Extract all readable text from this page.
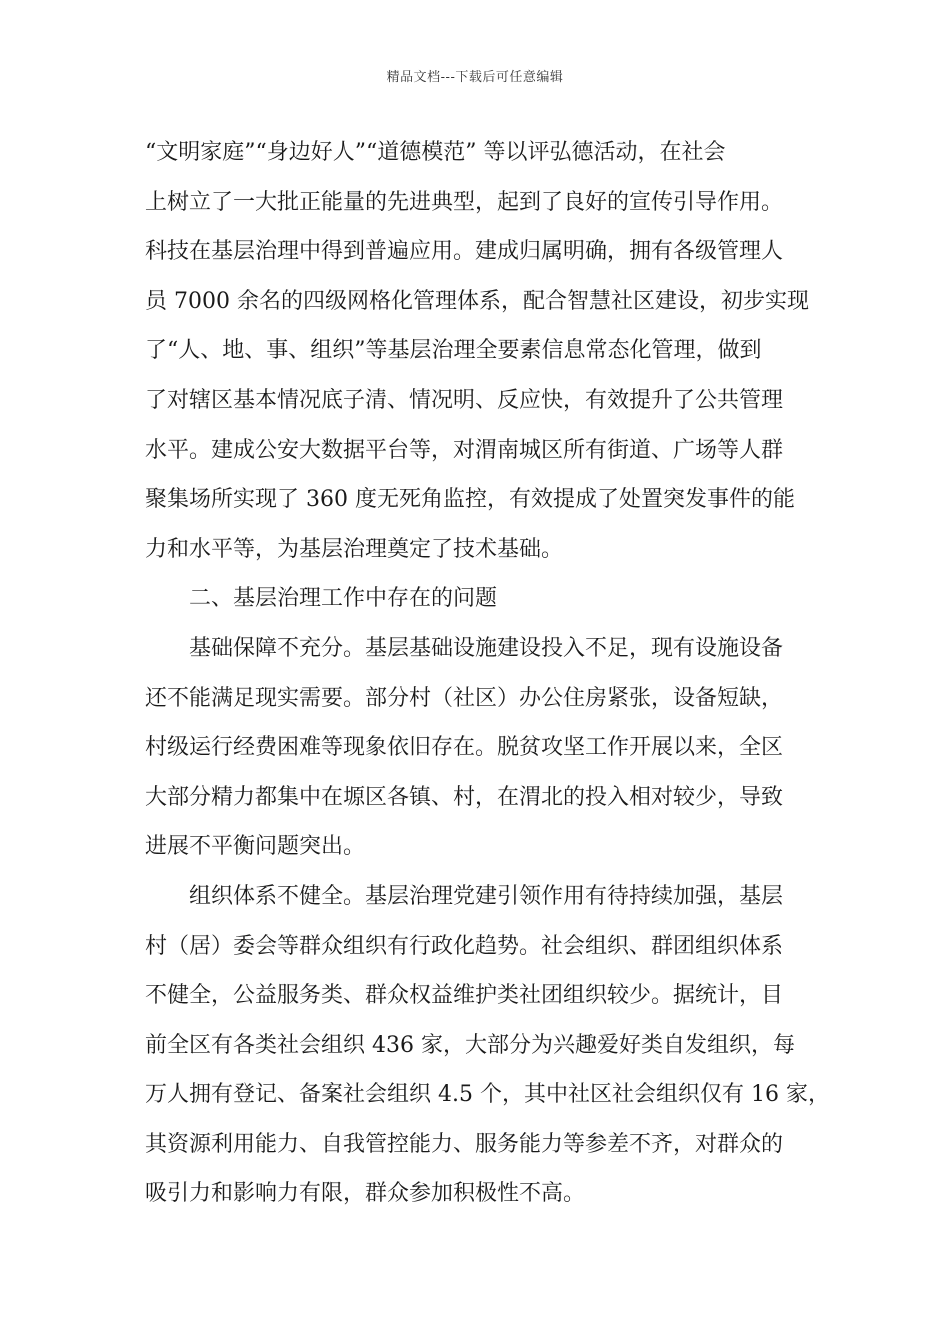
精品文档---下载后可任意编辑
“文明家庭”“身边好人”“道德模范” 等以评弘德活动，在社会
上树立了一大批正能量的先进典型，起到了良好的宣传引导作用。
科技在基层治理中得到普遍应用。建成归属明确，拥有各级管理人
员 7000 余名的四级网格化管理体系，配合智慧社区建设，初步实现
了“人、地、事、组织”等基层治理全要素信息常态化管理，做到
了对辖区基本情况底子清、情况明、反应快，有效提升了公共管理
水平。建成公安大数据平台等，对渭南城区所有街道、广场等人群
聚集场所实现了 360 度无死角监控，有效提成了处置突发事件的能
力和水平等，为基层治理奠定了技术基础。
二、基层治理工作中存在的问题
基础保障不充分。基层基础设施建设投入不足，现有设施设备
还不能满足现实需要。部分村（社区）办公住房紧张，设备短缺，
村级运行经费困难等现象依旧存在。脱贫攻坚工作开展以来，全区
大部分精力都集中在塬区各镇、村，在渭北的投入相对较少，导致
进展不平衡问题突出。
组织体系不健全。基层治理党建引领作用有待持续加强，基层
村（居）委会等群众组织有行政化趋势。社会组织、群团组织体系
不健全，公益服务类、群众权益维护类社团组织较少。据统计，目
前全区有各类社会组织 436 家，大部分为兴趣爱好类自发组织，每
万人拥有登记、备案社会组织 4.5 个，其中社区社会组织仅有 16 家，
其资源利用能力、自我管控能力、服务能力等参差不齐，对群众的
吸引力和影响力有限，群众参加积极性不高。
